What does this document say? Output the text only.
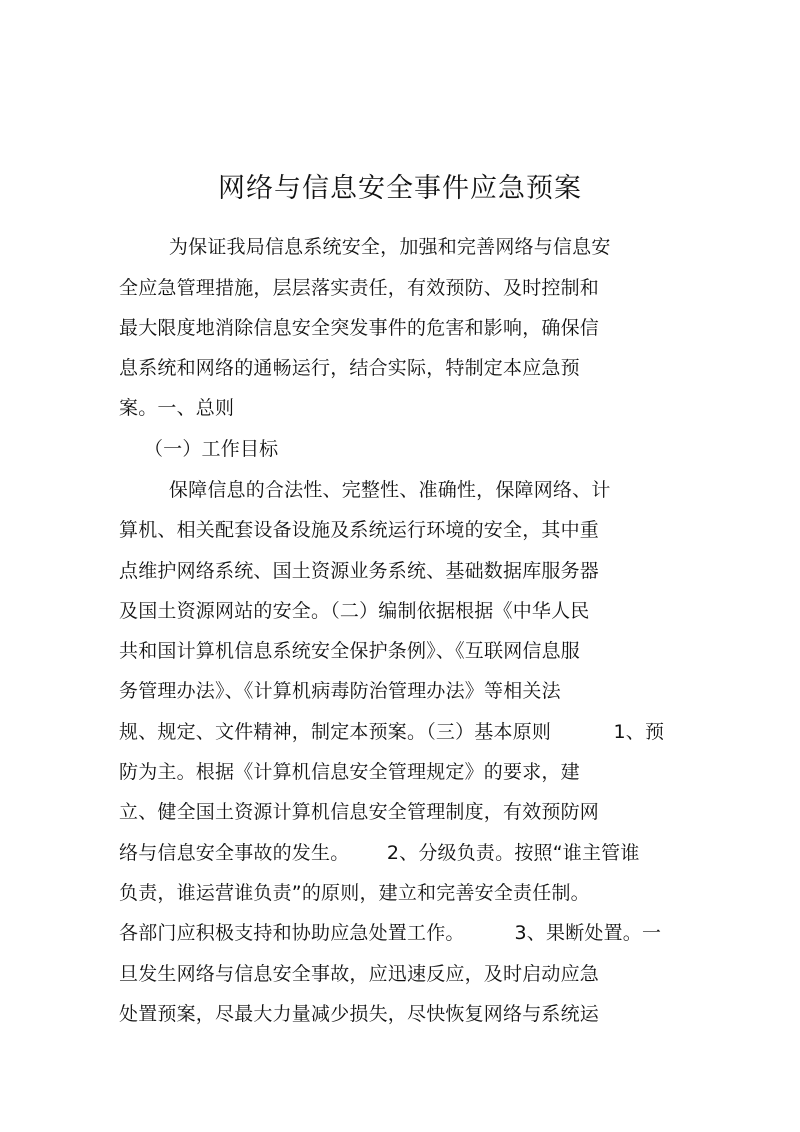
网络与信息安全事件应急预案
为保证我局信息系统安全，加强和完善网络与信息安
全应急管理措施，层层落实责任，有效预防、及时控制和
最大限度地消除信息安全突发事件的危害和影响，确保信
息系统和网络的通畅运行，结合实际，特制定本应急预
案。一、总则
（一）工作目标
保障信息的合法性、完整性、准确性，保障网络、计
算机、相关配套设备设施及系统运行环境的安全，其中重
点维护网络系统、国土资源业务系统、基础数据库服务器
及国土资源网站的安全。（二）编制依据根据《中华人民
共和国计算机信息系统安全保护条例》、《互联网信息服
务管理办法》、《计算机病毒防治管理办法》等相关法
规、规定、文件精神，制定本预案。（三）基本原则          1、预
防为主。根据《计算机信息安全管理规定》的要求，建
立、健全国土资源计算机信息安全管理制度，有效预防网
络与信息安全事故的发生。      2、分级负责。按照“谁主管谁
负责，谁运营谁负责”的原则，建立和完善安全责任制。
各部门应积极支持和协助应急处置工作。        3、果断处置。一
旦发生网络与信息安全事故，应迅速反应，及时启动应急
处置预案，尽最大力量减少损失，尽快恢复网络与系统运
